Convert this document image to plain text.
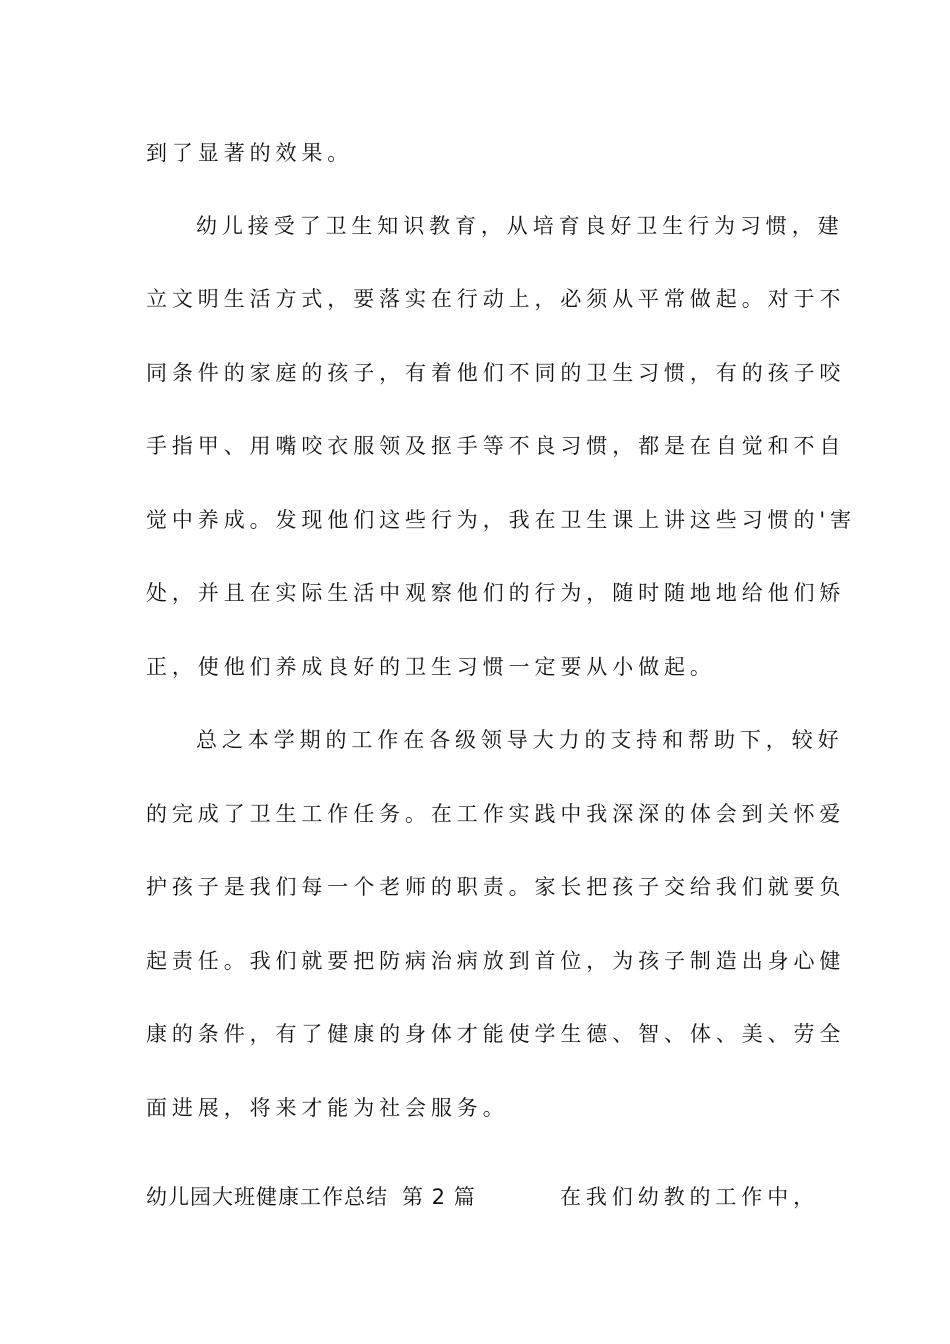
到了显著的效果。
幼儿接受了卫生知识教育，从培育良好卫生行为习惯，建
立文明生活方式，要落实在行动上，必须从平常做起。对于不
同条件的家庭的孩子，有着他们不同的卫生习惯，有的孩子咬
手指甲、用嘴咬衣服领及抠手等不良习惯，都是在自觉和不自
觉中养成。发现他们这些行为，我在卫生课上讲这些习惯的'害
处，并且在实际生活中观察他们的行为，随时随地地给他们矫
正，使他们养成良好的卫生习惯一定要从小做起。
总之本学期的工作在各级领导大力的支持和帮助下，较好
的完成了卫生工作任务。在工作实践中我深深的体会到关怀爱
护孩子是我们每一个老师的职责。家长把孩子交给我们就要负
起责任。我们就要把防病治病放到首位，为孩子制造出身心健
康的条件，有了健康的身体才能使学生德、智、体、美、劳全
面进展，将来才能为社会服务。
幼儿园大班健康工作总结 第 2 篇	在我们幼教的工作中，
